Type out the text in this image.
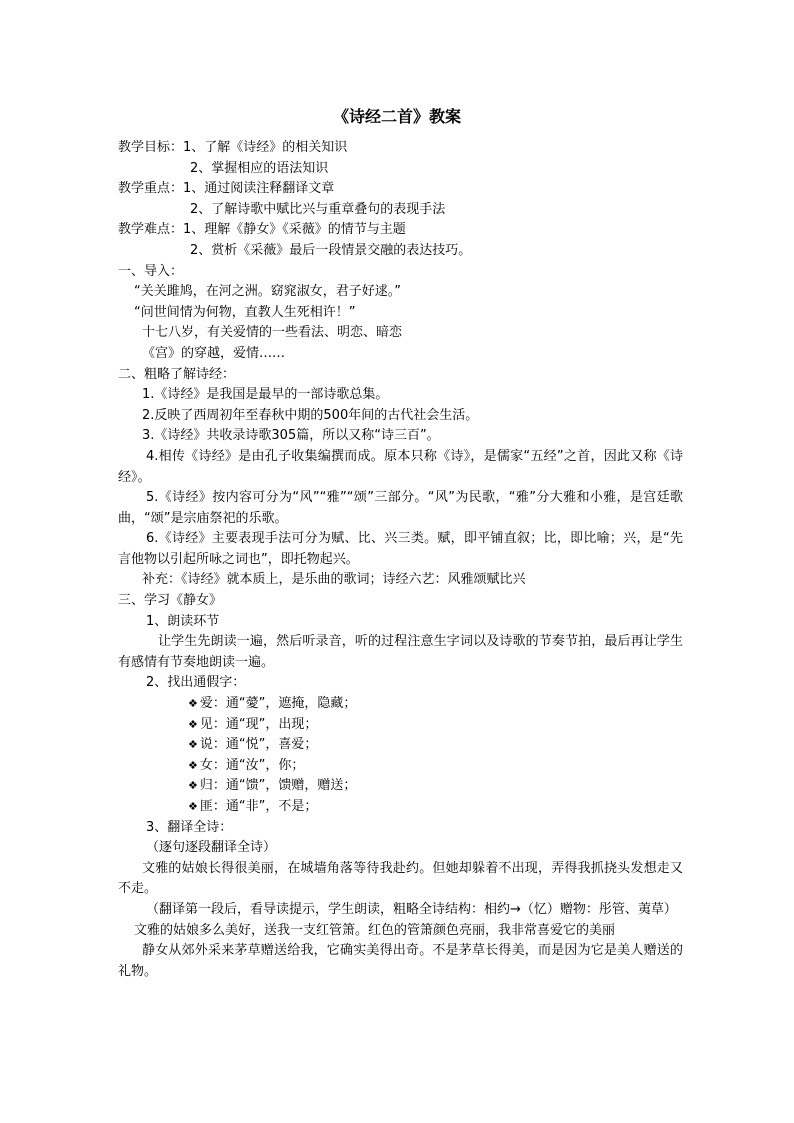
《诗经二首》教案
教学目标：1、了解《诗经》的相关知识
2、掌握相应的语法知识
教学重点：1、通过阅读注释翻译文章
2、了解诗歌中赋比兴与重章叠句的表现手法
教学难点：1、理解《静女》《采薇》的情节与主题
2、赏析《采薇》最后一段情景交融的表达技巧。
一、导入：
“关关雎鸠，在河之洲。窈窕淑女，君子好逑。”
“问世间情为何物，直教人生死相许！”
十七八岁，有关爱情的一些看法、明恋、暗恋
《宫》的穿越，爱情……
二、粗略了解诗经：
1.《诗经》是我国是最早的一部诗歌总集。
2.反映了西周初年至春秋中期的500年间的古代社会生活。
3.《诗经》共收录诗歌305篇，所以又称“诗三百”。
4.相传《诗经》是由孔子收集编撰而成。原本只称《诗》，是儒家“五经”之首，因此又称《诗经》。
5.《诗经》按内容可分为“风”“雅”“颂”三部分。“风”为民歌，“雅”分大雅和小雅，是宫廷歌曲，“颂”是宗庙祭祀的乐歌。
6.《诗经》主要表现手法可分为赋、比、兴三类。赋，即平铺直叙；比，即比喻；兴，是“先言他物以引起所咏之词也”，即托物起兴。
补充：《诗经》就本质上，是乐曲的歌词；诗经六艺：风雅颂赋比兴
三、学习《静女》
1、朗读环节
让学生先朗读一遍，然后听录音，听的过程注意生字词以及诗歌的节奏节拍，最后再让学生有感情有节奏地朗读一遍。
2、找出通假字：
❖ 爱：通“薆”，遮掩，隐藏；
❖ 见：通“现”，出现；
❖ 说：通“悦”，喜爱；
❖ 女：通“汝”，你；
❖ 归：通“馈”，馈赠，赠送；
❖ 匪：通“非”，不是；
3、翻译全诗：
（逐句逐段翻译全诗）
文雅的姑娘长得很美丽，在城墙角落等待我赴约。但她却躲着不出现，弄得我抓挠头发想走又不走。
（翻译第一段后，看导读提示，学生朗读，粗略全诗结构：相约→（忆）赠物：彤管、荑草）
文雅的姑娘多么美好，送我一支红管箫。红色的管箫颜色亮丽，我非常喜爱它的美丽
静女从郊外采来茅草赠送给我，它确实美得出奇。不是茅草长得美，而是因为它是美人赠送的礼物。
